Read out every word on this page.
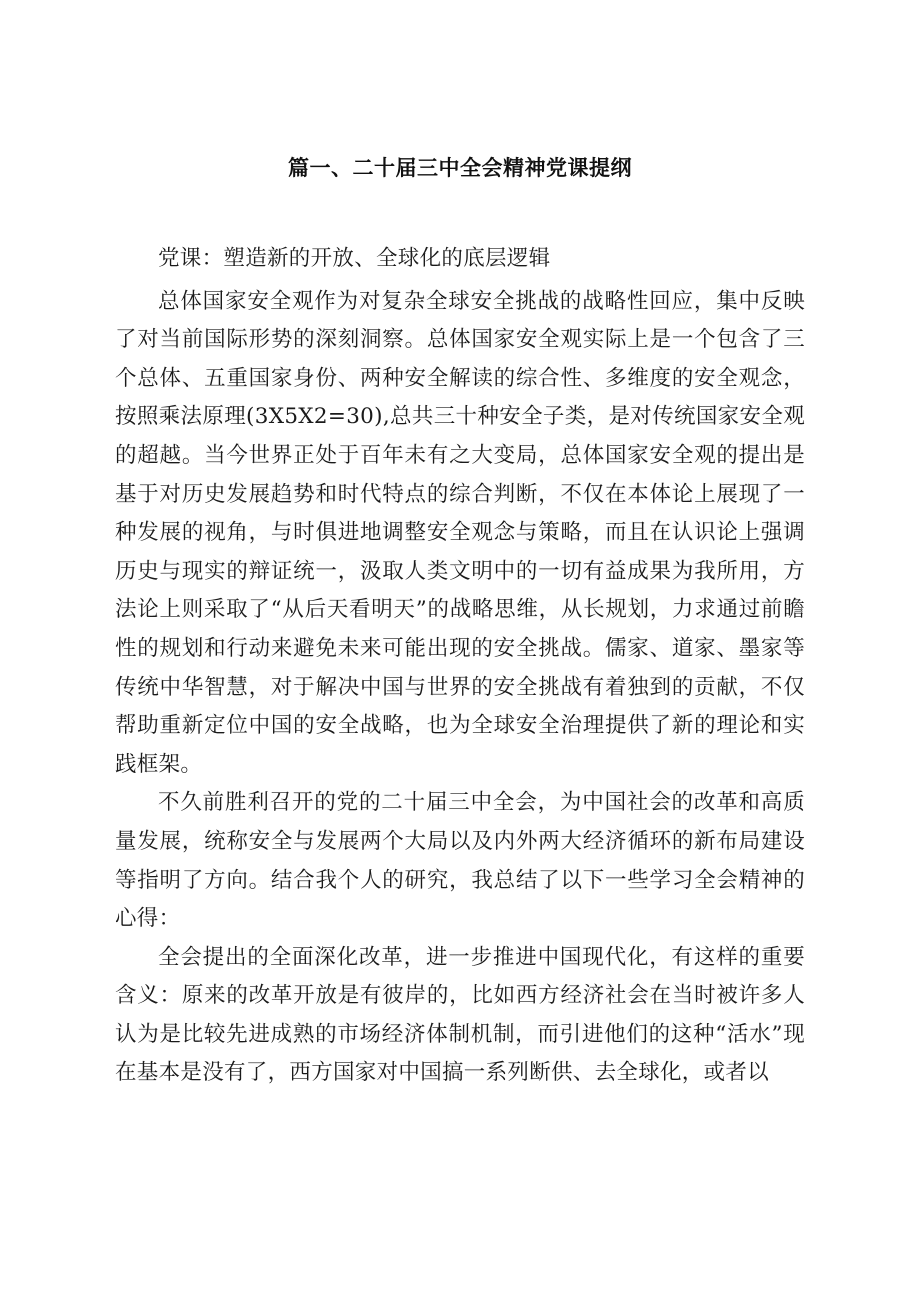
篇一、二十届三中全会精神党课提纲

党课：塑造新的开放、全球化的底层逻辑

总体国家安全观作为对复杂全球安全挑战的战略性回应，集中反映了对当前国际形势的深刻洞察。总体国家安全观实际上是一个包含了三个总体、五重国家身份、两种安全解读的综合性、多维度的安全观念，按照乘法原理(3X5X2=30),总共三十种安全子类，是对传统国家安全观的超越。当今世界正处于百年未有之大变局，总体国家安全观的提出是基于对历史发展趋势和时代特点的综合判断，不仅在本体论上展现了一种发展的视角，与时俱进地调整安全观念与策略，而且在认识论上强调历史与现实的辩证统一，汲取人类文明中的一切有益成果为我所用，方法论上则采取了“从后天看明天”的战略思维，从长规划，力求通过前瞻性的规划和行动来避免未来可能出现的安全挑战。儒家、道家、墨家等传统中华智慧，对于解决中国与世界的安全挑战有着独到的贡献，不仅帮助重新定位中国的安全战略，也为全球安全治理提供了新的理论和实践框架。

不久前胜利召开的党的二十届三中全会，为中国社会的改革和高质量发展，统称安全与发展两个大局以及内外两大经济循环的新布局建设等指明了方向。结合我个人的研究，我总结了以下一些学习全会精神的心得：

全会提出的全面深化改革，进一步推进中国现代化，有这样的重要含义：原来的改革开放是有彼岸的，比如西方经济社会在当时被许多人认为是比较先进成熟的市场经济体制机制，而引进他们的这种“活水”现在基本是没有了，西方国家对中国搞一系列断供、去全球化，或者以
